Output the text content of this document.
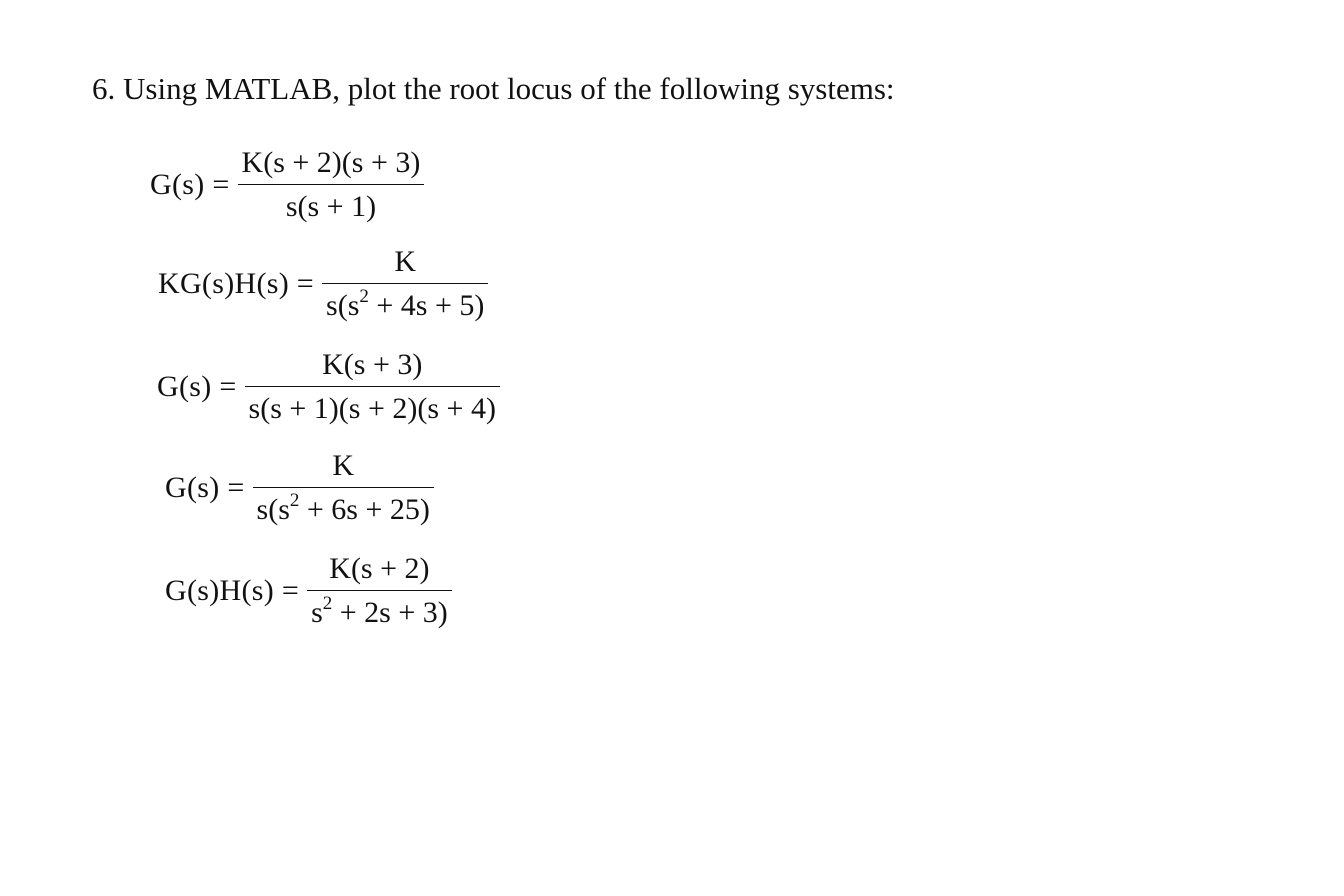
6. Using MATLAB, plot the root locus of the following systems:
$G(s) = \frac{K(s + 2)(s + 3)}{s(s + 1)}$
$KG(s)H(s) = \frac{K}{s(s^2 + 4s + 5)}$
$G(s) = \frac{K(s + 3)}{s(s + 1)(s + 2)(s + 4)}$
$G(s) = \frac{K}{s(s^2 + 6s + 25)}$
$G(s)H(s) = \frac{K(s + 2)}{s^2 + 2s + 3)}$
